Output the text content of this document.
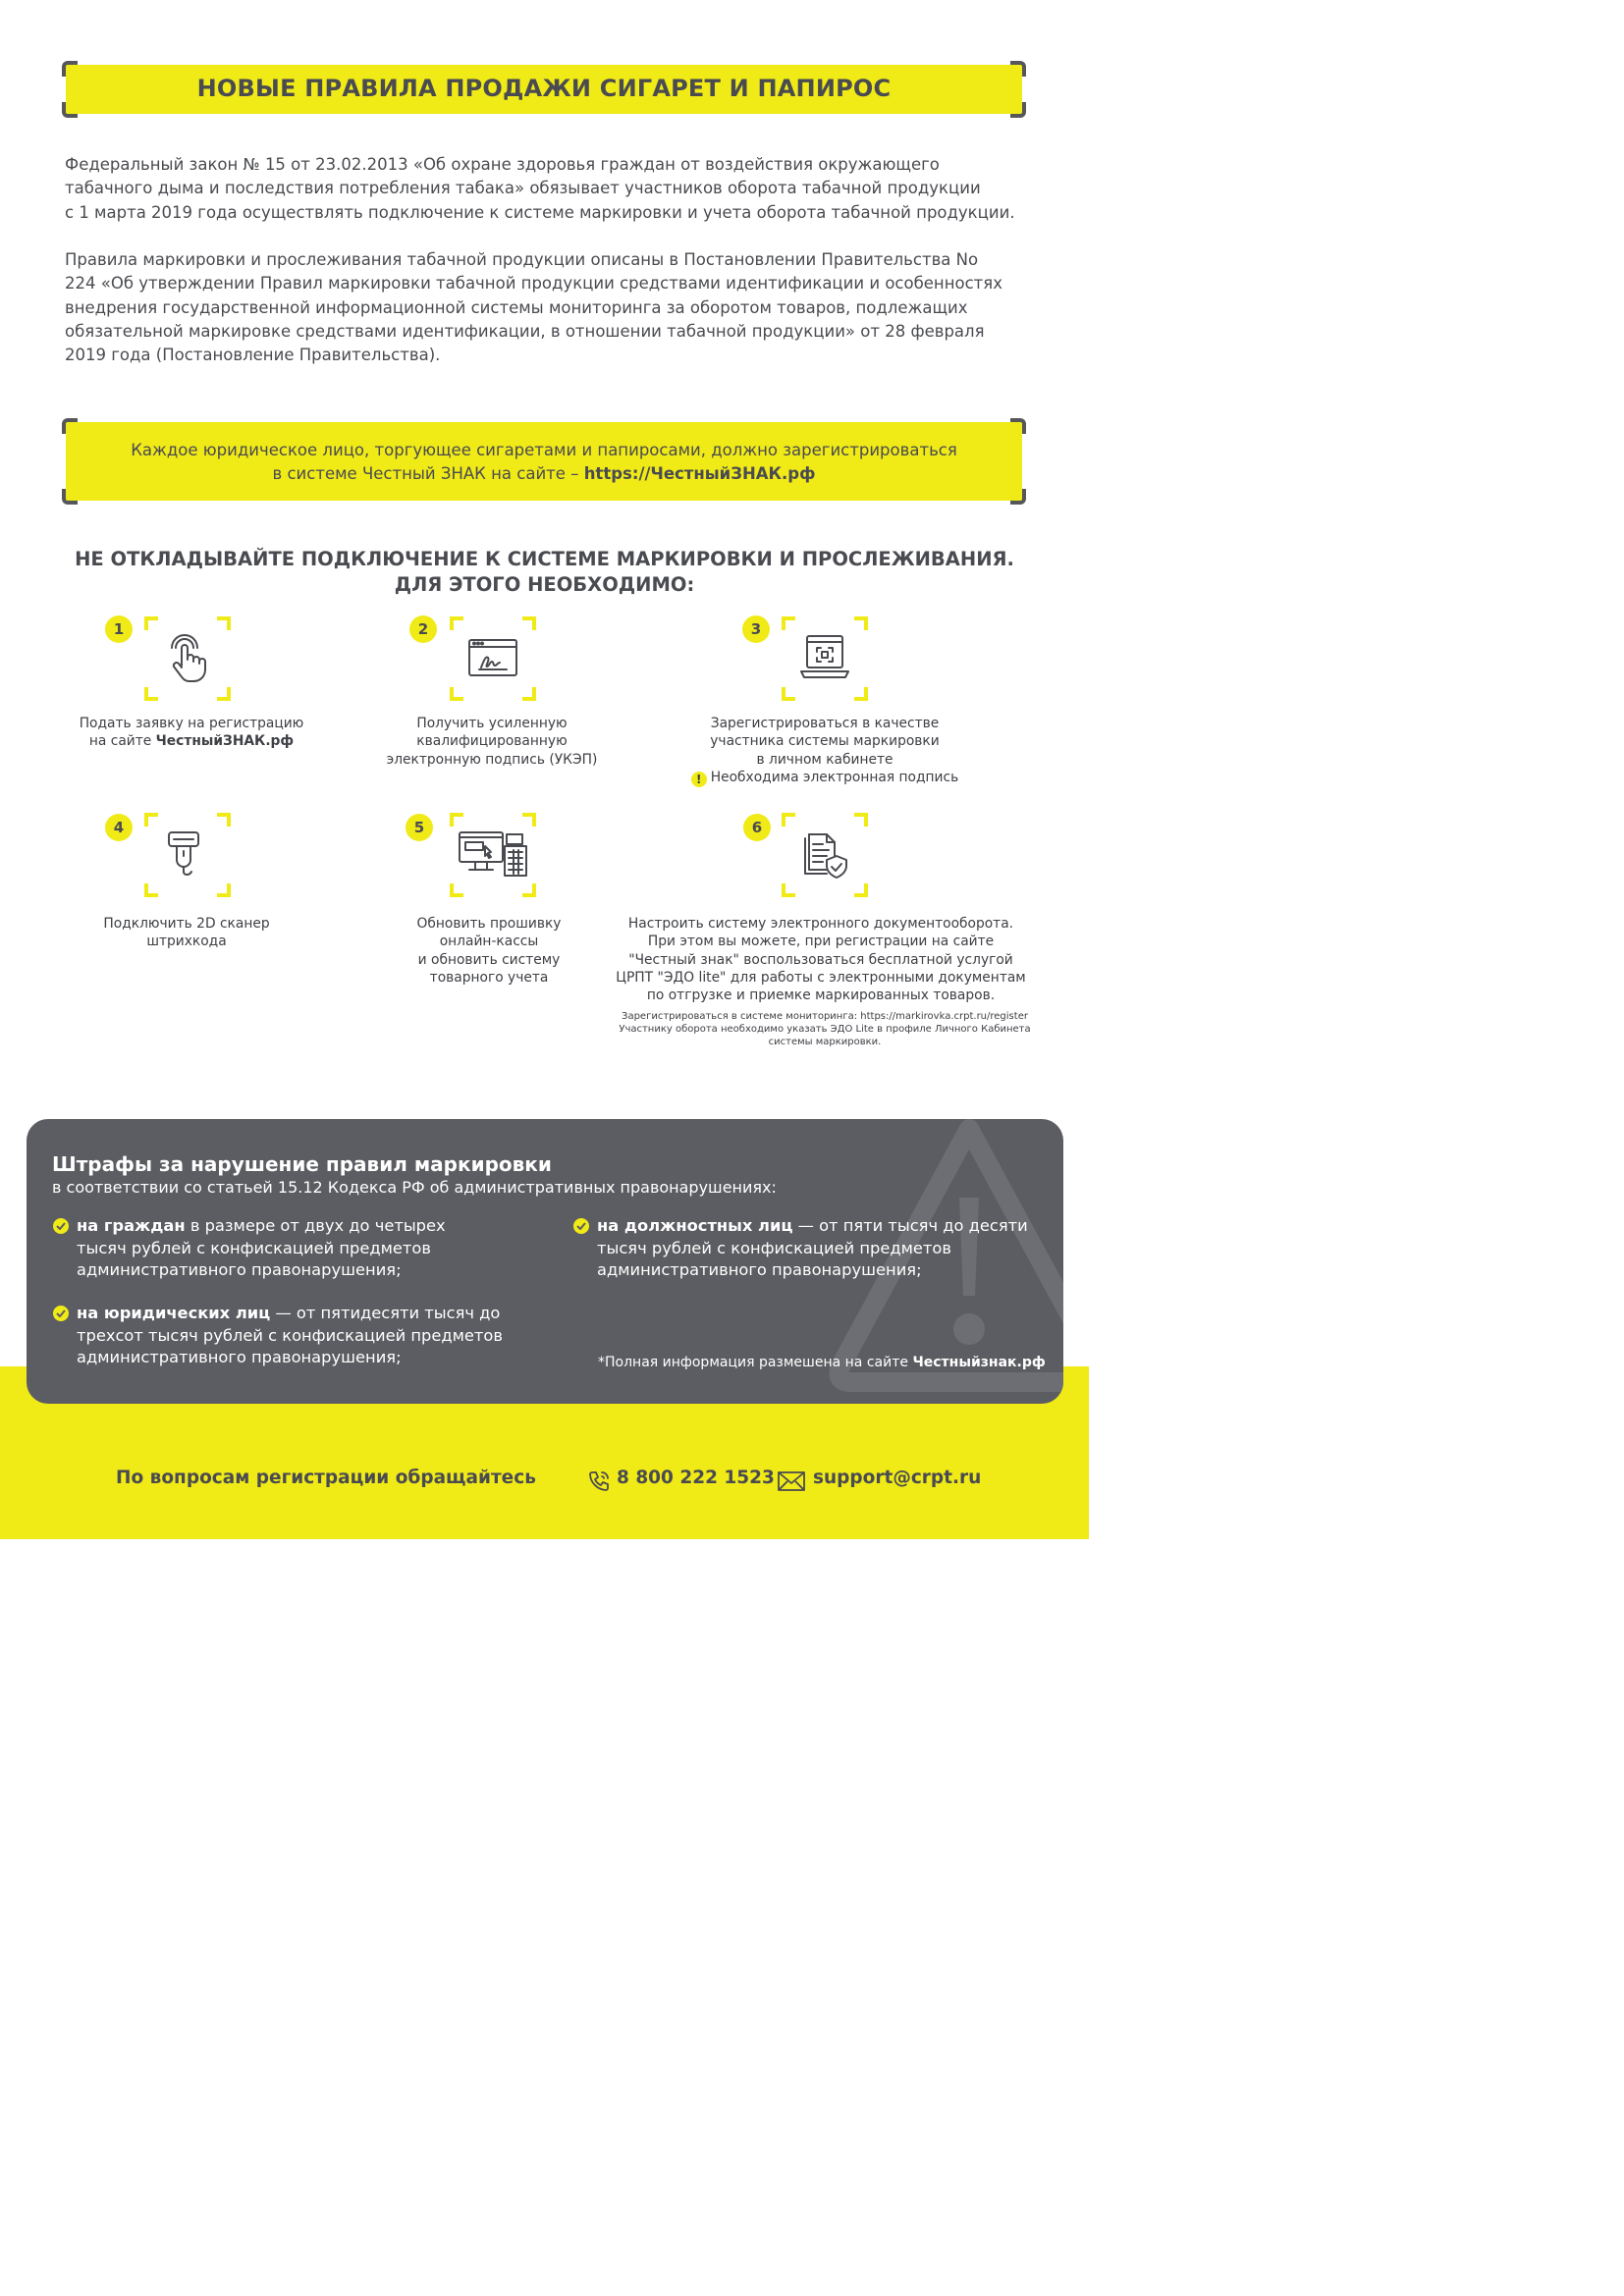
НОВЫЕ ПРАВИЛА ПРОДАЖИ СИГАРЕТ И ПАПИРОС

Федеральный закон № 15 от 23.02.2013 «Об охране здоровья граждан от воздействия окружающего

табачного дыма и последствия потребления табака» обязывает участников оборота табачной продукции

с 1 марта 2019 года осуществлять подключение к системе маркировки и учета оборота табачной продукции.

Правила маркировки и прослеживания табачной продукции описаны в Постановлении Правительства No

224 «Об утверждении Правил маркировки табачной продукции средствами идентификации и особенностях

внедрения государственной информационной системы мониторинга за оборотом товаров, подлежащих

обязательной маркировке средствами идентификации, в отношении табачной продукции» от 28 февраля

2019 года (Постановление Правительства).

Каждое юридическое лицо, торгующее сигаретами и папиросами, должно зарегистрироваться
в системе Честный ЗНАК на сайте – https://ЧестныйЗНАК.рф
НЕ ОТКЛАДЫВАЙТЕ ПОДКЛЮЧЕНИЕ К СИСТЕМЕ МАРКИРОВКИ И ПРОСЛЕЖИВАНИЯ.
ДЛЯ ЭТОГО НЕОБХОДИМО:
1
Подать заявку на регистрацию
на сайте ЧестныйЗНАК.рф
2
Получить усиленную
квалифицированную
электронную подпись (УКЭП)
3
Зарегистрироваться в качестве
участника системы маркировки
в личном кабинете
! Необходима электронная подпись
4
Подключить 2D сканер
штрихкода
5
Обновить прошивку
онлайн-кассы
и обновить систему
товарного учета
6
Настроить систему электронного документооборота.
При этом вы можете, при регистрации на сайте
"Честный знак" воспользоваться бесплатной услугой
ЦРПТ "ЭДО lite" для работы с электронными документам
по отгрузке и приемке маркированных товаров.
Зарегистрироваться в системе мониторинга: https://markirovka.crpt.ru/register
Участнику оборота необходимо указать ЭДО Lite в профиле Личного Кабинета
системы маркировки.
Штрафы за нарушение правил маркировки
в соответствии со статьей 15.12 Кодекса РФ об административных правонарушениях:
на граждан в размере от двух до четырех
тысяч рублей с конфискацией предметов
административного правонарушения;
на юридических лиц — от пятидесяти тысяч до
трехсот тысяч рублей с конфискацией предметов
административного правонарушения;
на должностных лиц — от пяти тысяч до десяти
тысяч рублей с конфискацией предметов
административного правонарушения;
*Полная информация размешена на сайте Честныйзнак.рф
По вопросам регистрации обращайтесь	8 800 222 1523 support@crpt.ru
